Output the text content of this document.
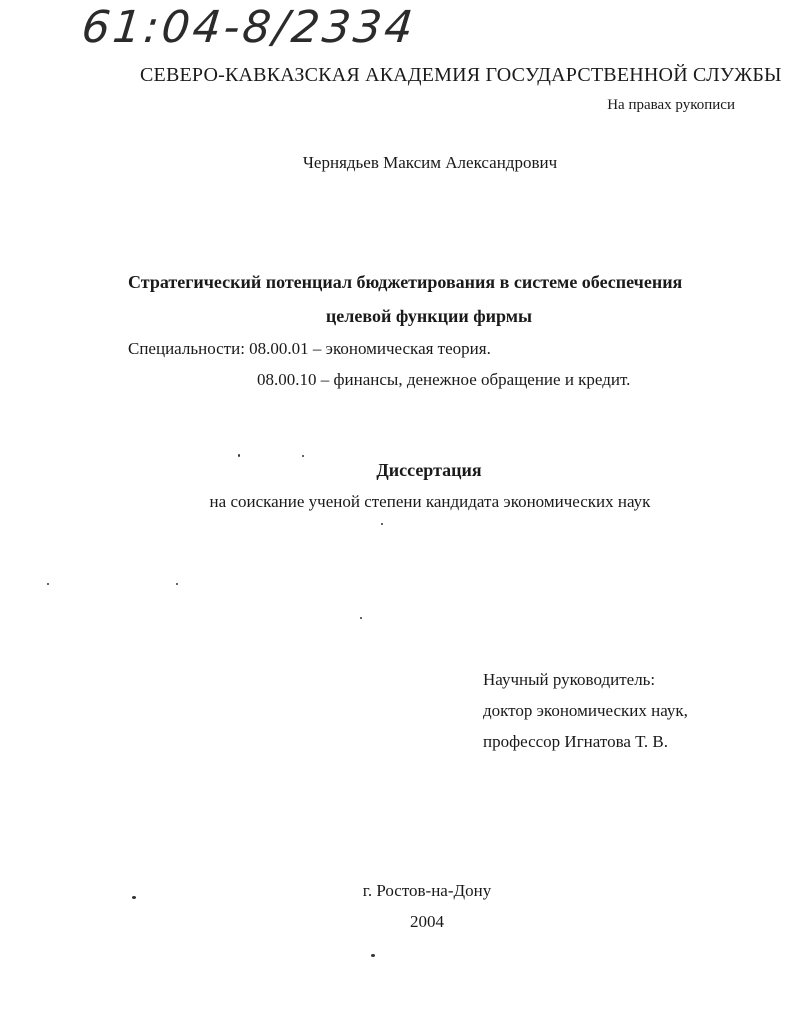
61:04-8/2334
СЕВЕРО-КАВКАЗСКАЯ АКАДЕМИЯ ГОСУДАРСТВЕННОЙ СЛУЖБЫ
На правах рукописи
Чернядьев Максим Александрович
Стратегический потенциал бюджетирования в системе обеспечения
целевой функции фирмы
Специальности: 08.00.01 – экономическая теория.
08.00.10 – финансы, денежное обращение и кредит.
Диссертация
на соискание ученой степени кандидата экономических наук
Научный руководитель:
доктор экономических наук,
профессор Игнатова Т. В.
г. Ростов-на-Дону
2004
